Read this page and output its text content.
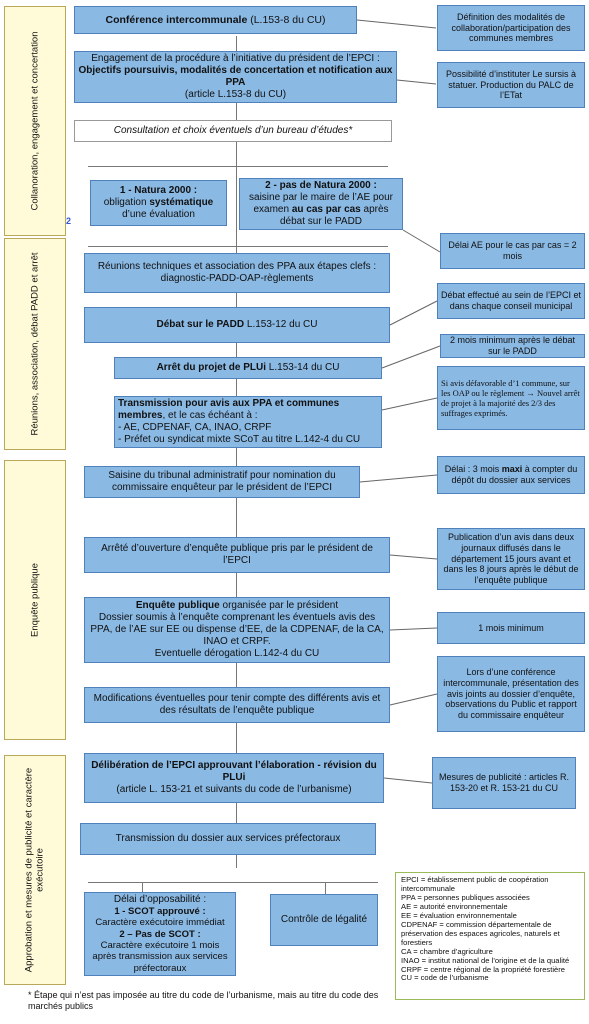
Collanoration, engagement et concertation
Réunions, association, débat PADD et arrêt
Enquête publique
Approbation et mesures de publicité et caractère exécutoire
2
Conférence intercommunale (L.153-8 du CU)
Engagement de la procédure à l’initiative du président de l’EPCI :
Objectifs poursuivis, modalités de concertation et notification aux PPA
(article L.153-8 du CU)
Consultation et choix éventuels d’un bureau d’études*
1 - Natura 2000 :
obligation systématique d’une évaluation
2 - pas de Natura 2000 :
saisine par le maire de l’AE pour examen au cas par cas après débat sur le PADD
Réunions techniques et association des PPA aux étapes clefs : diagnostic-PADD-OAP-règlements
Débat sur le PADD L.153-12 du CU
Arrêt du projet de PLUi L.153-14 du CU
Transmission pour avis aux PPA et communes membres, et le cas échéant à :
- AE, CDPENAF, CA, INAO, CRPF
- Préfet ou syndicat mixte SCoT au titre L.142-4 du CU
Saisine du tribunal administratif pour nomination du commissaire enquêteur par le président de l’EPCI
Arrêté d’ouverture d’enquête publique pris par le président de l’EPCI
Enquête publique organisée par le président
Dossier soumis à l’enquête comprenant les éventuels avis des PPA, de l’AE sur EE ou dispense d’EE, de la CDPENAF, de la CA, INAO et CRPF.
Eventuelle dérogation L.142-4 du CU
Modifications éventuelles pour tenir compte des différents avis et des résultats de l’enquête publique
Délibération de l’EPCI approuvant l’élaboration - révision du PLUi
(article L. 153-21 et suivants du code de l’urbanisme)
Transmission du dossier aux services préfectoraux
Délai d’opposabilité :
1 - SCOT approuvé :
Caractère exécutoire immédiat
2 – Pas de SCOT :
Caractère exécutoire 1 mois après transmission aux services préfectoraux
Contrôle de légalité
Définition des modalités de collaboration/participation des communes membres
Possibilité d’instituter Le sursis à statuer. Production du PALC de l’ETat
Délai AE pour le cas par cas = 2 mois
Débat effectué au sein de l’EPCI et dans chaque conseil municipal
2 mois minimum après le débat sur le PADD
Si avis défavorable d’1 commune, sur les OAP ou le règlement → Nouvel arrêt de projet à la majorité des 2/3 des suffrages exprimés.
Délai : 3 mois maxi à compter du dépôt du dossier aux services
Publication d’un avis dans deux journaux diffusés dans le département 15 jours avant et dans les 8 jours après le début de l’enquête publique
1 mois minimum
Lors d’une conférence intercommunale, présentation des avis joints au dossier d’enquête, observations du Public et rapport du commissaire enquêteur
Mesures de publicité : articles R. 153-20 et R. 153-21 du CU
EPCI = établissement public de coopération intercommunale
PPA = personnes publiques associées
AE = autorité environnementale
EE = évaluation environnementale
CDPENAF = commission départementale de préservation des espaces agricoles, naturels et forestiers
CA = chambre d’agriculture
INAO = institut national de l’origine et de la qualité
CRPF = centre régional de la propriété forestière
CU = code de l’urbanisme
* Étape qui n’est pas imposée au titre du code de l’urbanisme, mais au titre du code des marchés publics
